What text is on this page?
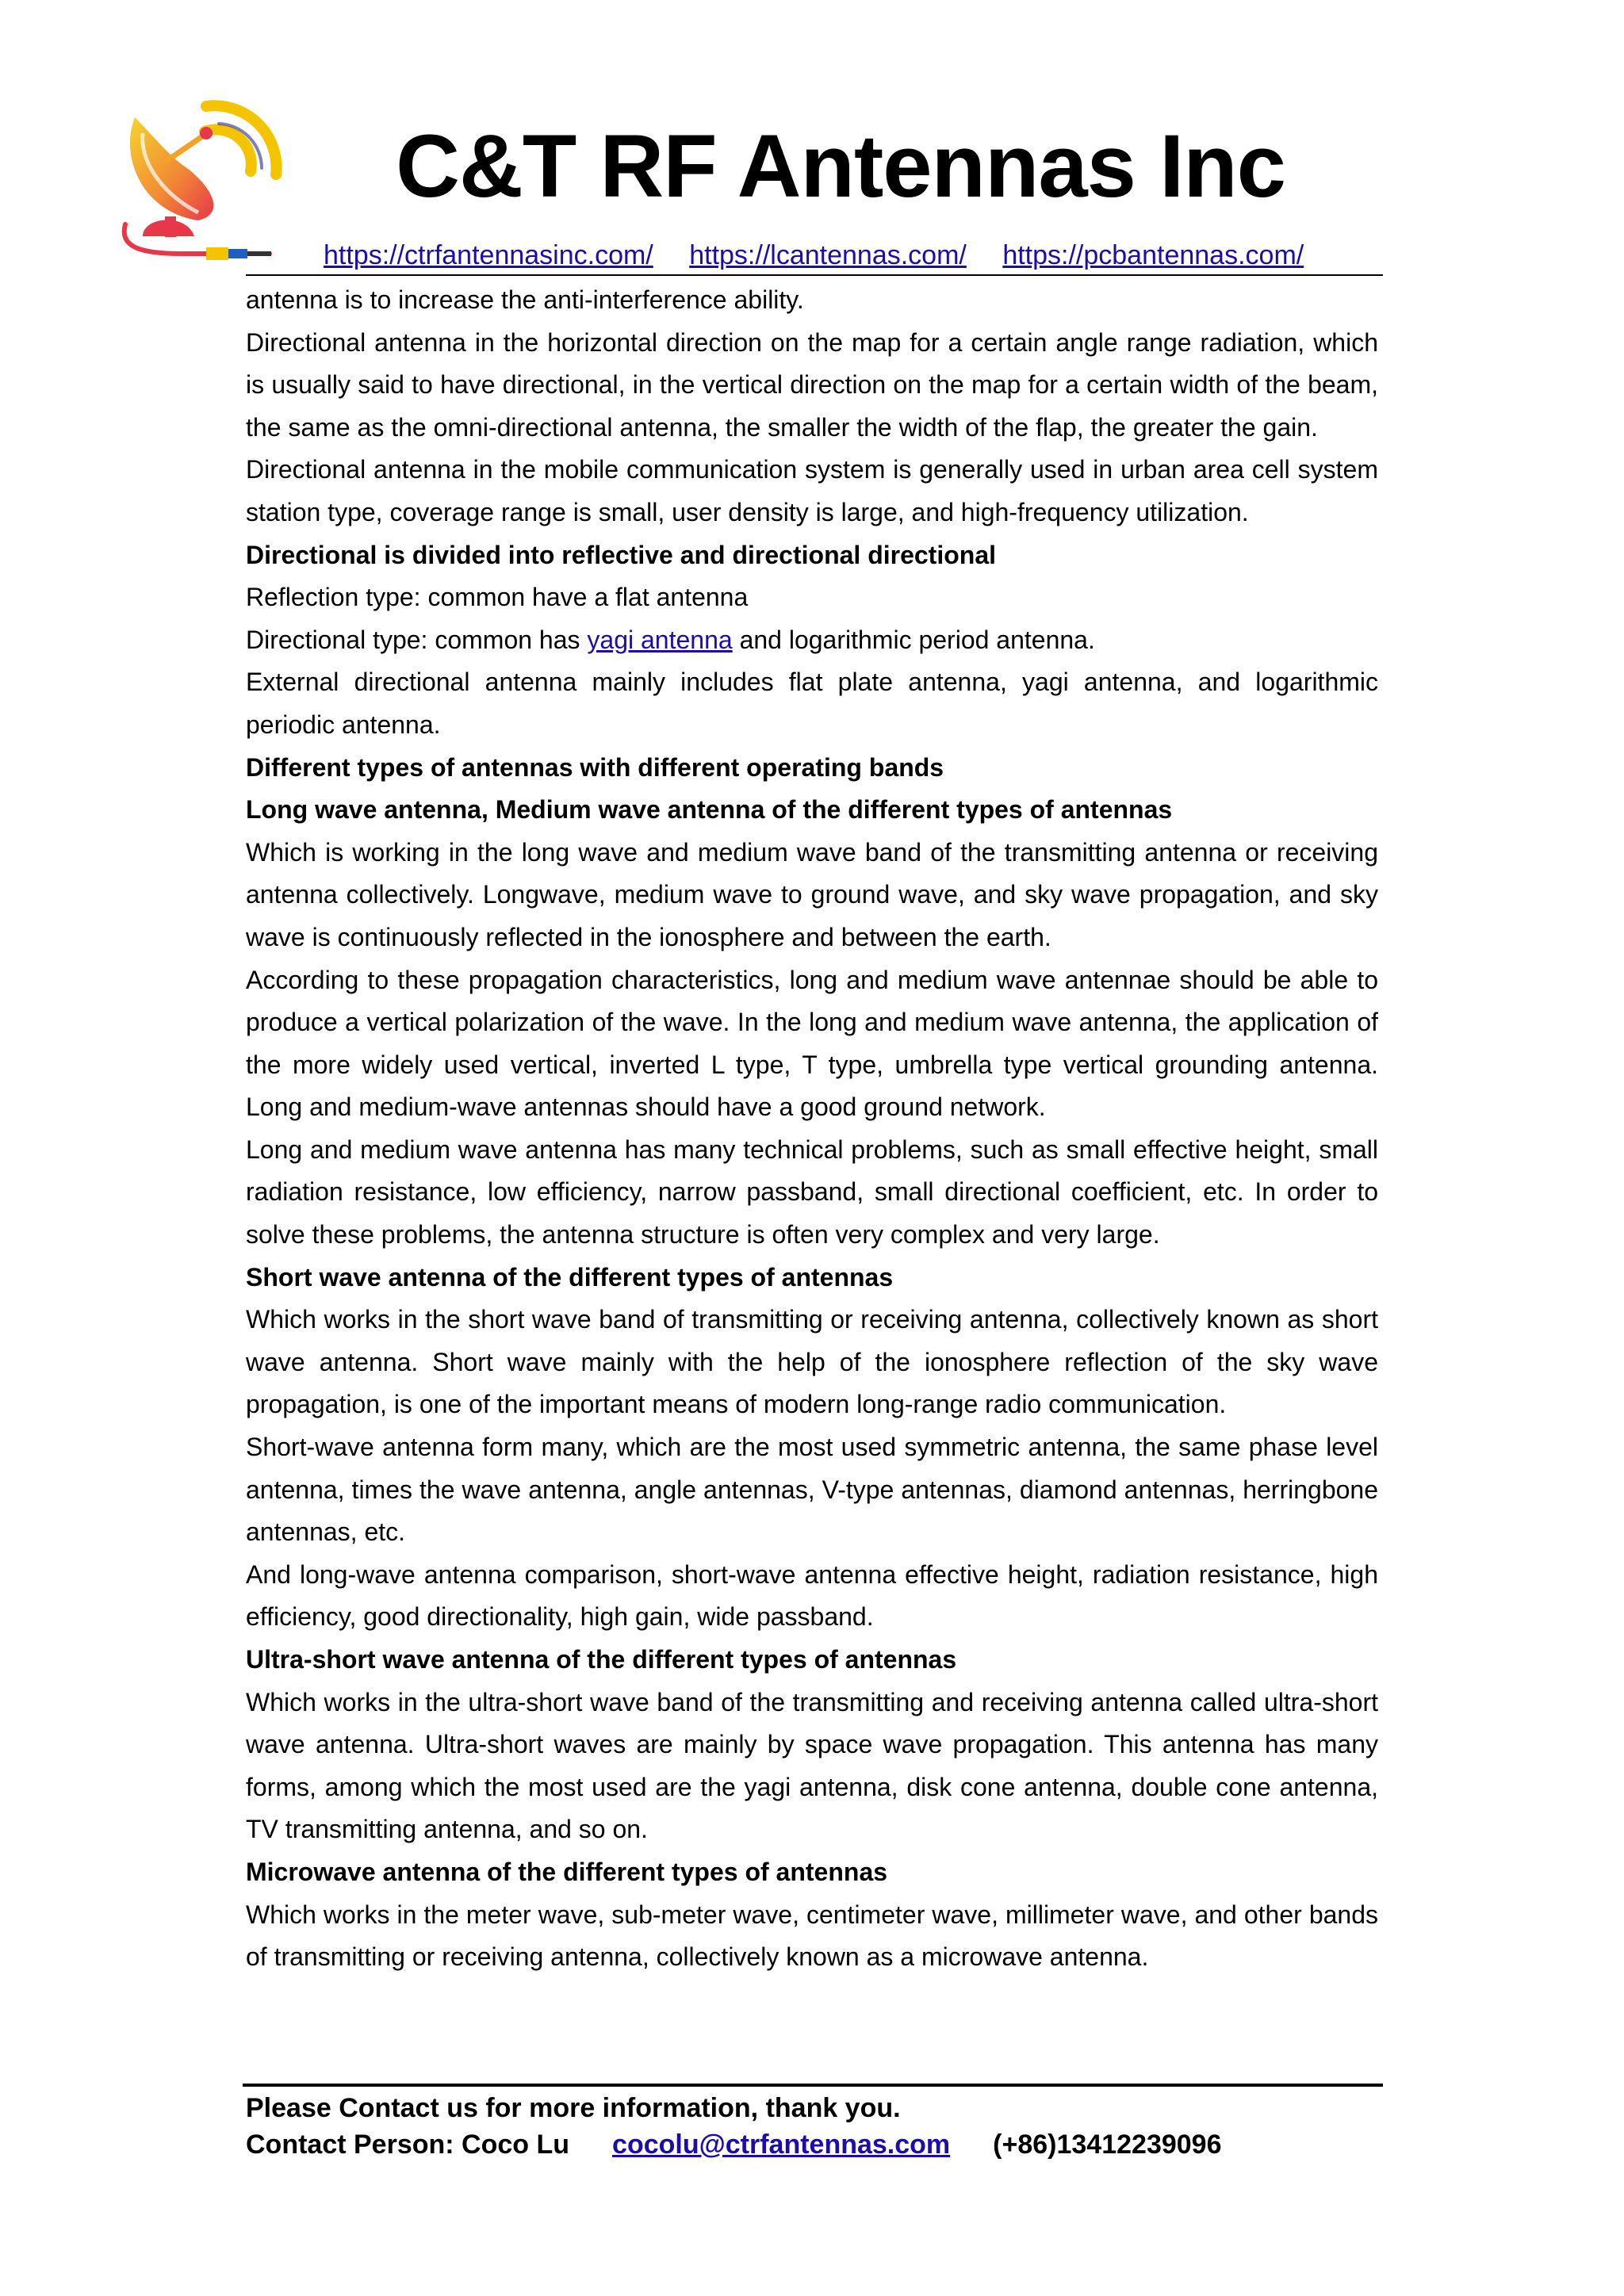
C&T RF Antennas Inc
https://ctrfantennasinc.com/ https://lcantennas.com/ https://pcbantennas.com/

antenna is to increase the anti-interference ability.

Directional antenna in the horizontal direction on the map for a certain angle range radiation, which is usually said to have directional, in the vertical direction on the map for a certain width of the beam, the same as the omni-directional antenna, the smaller the width of the flap, the greater the gain.

Directional antenna in the mobile communication system is generally used in urban area cell system station type, coverage range is small, user density is large, and high-frequency utilization.

Directional is divided into reflective and directional directional

Reflection type: common have a flat antenna

Directional type: common has yagi antenna and logarithmic period antenna.

External directional antenna mainly includes flat plate antenna, yagi antenna, and logarithmic periodic antenna.

Different types of antennas with different operating bands

Long wave antenna, Medium wave antenna of the different types of antennas

Which is working in the long wave and medium wave band of the transmitting antenna or receiving antenna collectively. Longwave, medium wave to ground wave, and sky wave propagation, and sky wave is continuously reflected in the ionosphere and between the earth.

According to these propagation characteristics, long and medium wave antennae should be able to produce a vertical polarization of the wave. In the long and medium wave antenna, the application of the more widely used vertical, inverted L type, T type, umbrella type vertical grounding antenna. Long and medium-wave antennas should have a good ground network.

Long and medium wave antenna has many technical problems, such as small effective height, small radiation resistance, low efficiency, narrow passband, small directional coefficient, etc. In order to solve these problems, the antenna structure is often very complex and very large.

Short wave antenna of the different types of antennas

Which works in the short wave band of transmitting or receiving antenna, collectively known as short wave antenna. Short wave mainly with the help of the ionosphere reflection of the sky wave propagation, is one of the important means of modern long-range radio communication.

Short-wave antenna form many, which are the most used symmetric antenna, the same phase level antenna, times the wave antenna, angle antennas, V-type antennas, diamond antennas, herringbone antennas, etc.

And long-wave antenna comparison, short-wave antenna effective height, radiation resistance, high efficiency, good directionality, high gain, wide passband.

Ultra-short wave antenna of the different types of antennas

Which works in the ultra-short wave band of the transmitting and receiving antenna called ultra-short wave antenna. Ultra-short waves are mainly by space wave propagation. This antenna has many forms, among which the most used are the yagi antenna, disk cone antenna, double cone antenna, TV transmitting antenna, and so on.

Microwave antenna of the different types of antennas

Which works in the meter wave, sub-meter wave, centimeter wave, millimeter wave, and other bands of transmitting or receiving antenna, collectively known as a microwave antenna.

Please Contact us for more information, thank you.
Contact Person: Coco Lu cocolu@ctrfantennas.com (+86)13412239096
